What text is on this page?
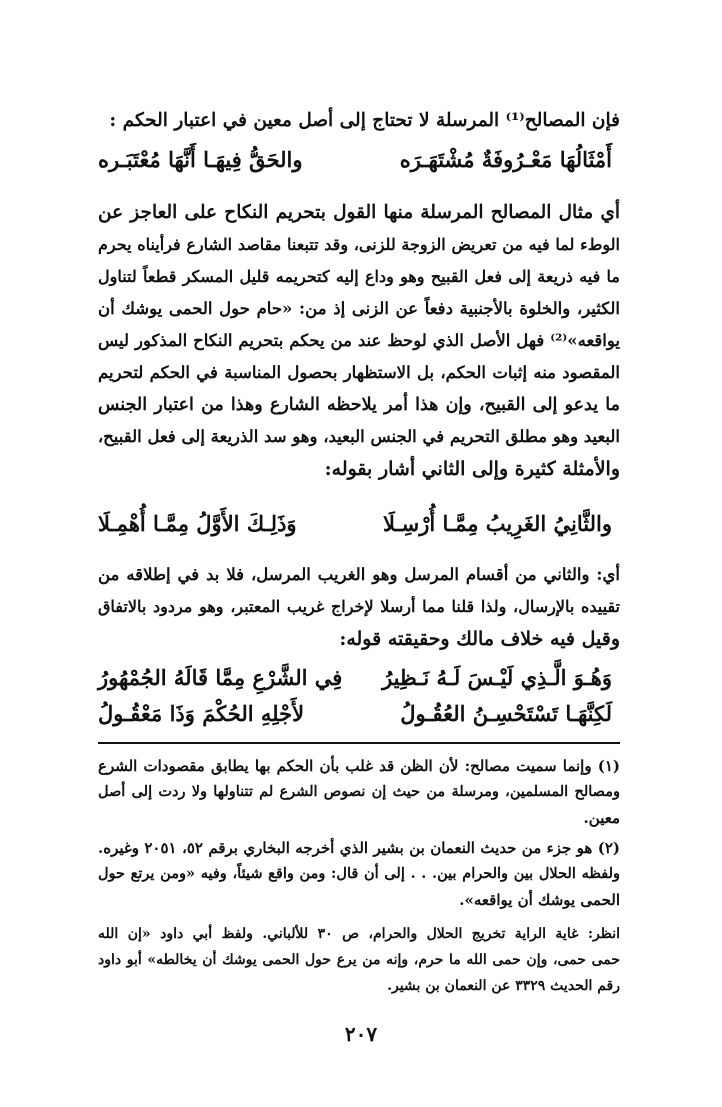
فإن المصالح⁽¹⁾ المرسلة لا تحتاج إلى أصل معين في اعتبار الحكم :
أَمْثَالُهَا مَعْـرُوفَةٌ مُشْتَهَـرَه
والحَقُّ فِيهَـا أَنَّهَا مُعْتَبَـره
أي مثال المصالح المرسلة منها القول بتحريم النكاح على العاجز عن
الوطء لما فيه من تعريض الزوجة للزنى، وقد تتبعنا مقاصد الشارع فرأيناه يحرم
ما فيه ذريعة إلى فعل القبيح وهو وداع إليه كتحريمه قليل المسكر قطعاً لتناول
الكثير، والخلوة بالأجنبية دفعاً عن الزنى إذ من: «حام حول الحمى يوشك أن
يواقعه»⁽²⁾ فهل الأصل الذي لوحظ عند من يحكم بتحريم النكاح المذكور ليس
المقصود منه إثبات الحكم، بل الاستظهار بحصول المناسبة في الحكم لتحريم
ما يدعو إلى القبيح، وإن هذا أمر يلاحظه الشارع وهذا من اعتبار الجنس
البعيد وهو مطلق التحريم في الجنس البعيد، وهو سد الذريعة إلى فعل القبيح،
والأمثلة كثيرة وإلى الثاني أشار بقوله:
والثَّانِيُ الغَرِيبُ مِمَّـا أُرْسِـلَا
وَذَلِـكَ الأَوَّلُ مِمَّـا أُهْمِـلَا
أي: والثاني من أقسام المرسل وهو الغريب المرسل، فلا بد في إطلاقه من
تقييده بالإرسال، ولذا قلنا مما أرسلا لإخراج غريب المعتبر، وهو مردود بالاتفاق
وقيل فيه خلاف مالك وحقيقته قوله:
وَهُـوَ الَّـذِي لَيْـسَ لَـهُ نَـظِيرُ
فِي الشَّرْعِ مِمَّا قَالَهُ الجُمْهُورُ
لَكِنَّهَـا تَسْتَحْسِـنُ العُقُـولُ
لأَجْلِهِ الحُكْمَ وَذَا مَعْقُـولُ
(١) وإنما سميت مصالح: لأن الظن قد غلب بأن الحكم بها يطابق مقصودات الشرع
ومصالح المسلمين، ومرسلة من حيث إن نصوص الشرع لم تتناولها ولا ردت إلى أصل
معين.
(٢) هو جزء من حديث النعمان بن بشير الذي أخرجه البخاري برقم ٥٢، ٢٠٥١ وغيره.
ولفظه الحلال بين والحرام بين. . . إلى أن قال: ومن واقع شيئاً، وفيه «ومن يرتع حول
الحمى يوشك أن يواقعه».
انظر: غاية الراية تخريج الحلال والحرام، ص ٣٠ للألباني. ولفظ أبي داود «إن الله
حمى حمى، وإن حمى الله ما حرم، وإنه من يرع حول الحمى يوشك أن يخالطه» أبو داود
رقم الحديث ٣٣٢٩ عن النعمان بن بشير.
٢٠٧
